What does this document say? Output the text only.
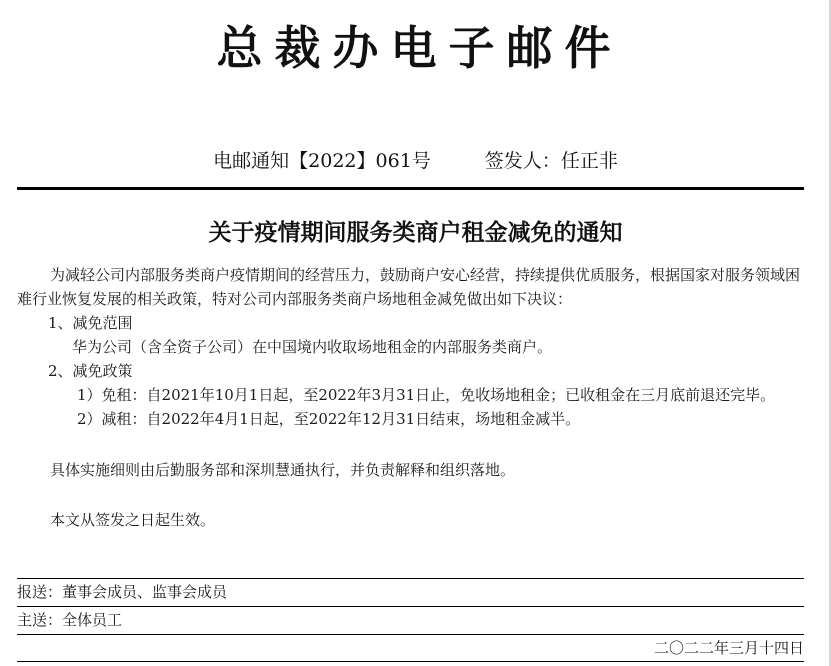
总裁办电子邮件
电邮通知【2022】061号	签发人：任正非
关于疫情期间服务类商户租金减免的通知

为减轻公司内部服务类商户疫情期间的经营压力，鼓励商户安心经营，持续提供优质服务，根据国家对服务领域困难行业恢复发展的相关政策，特对公司内部服务类商户场地租金减免做出如下决议：

1、减免范围

华为公司（含全资子公司）在中国境内收取场地租金的内部服务类商户。

2、减免政策

1）免租：自2021年10月1日起，至2022年3月31日止，免收场地租金；已收租金在三月底前退还完毕。

2）减租：自2022年4月1日起，至2022年12月31日结束，场地租金减半。

具体实施细则由后勤服务部和深圳慧通执行，并负责解释和组织落地。

本文从签发之日起生效。

报送：董事会成员、监事会成员
主送：全体员工
二〇二二年三月十四日
